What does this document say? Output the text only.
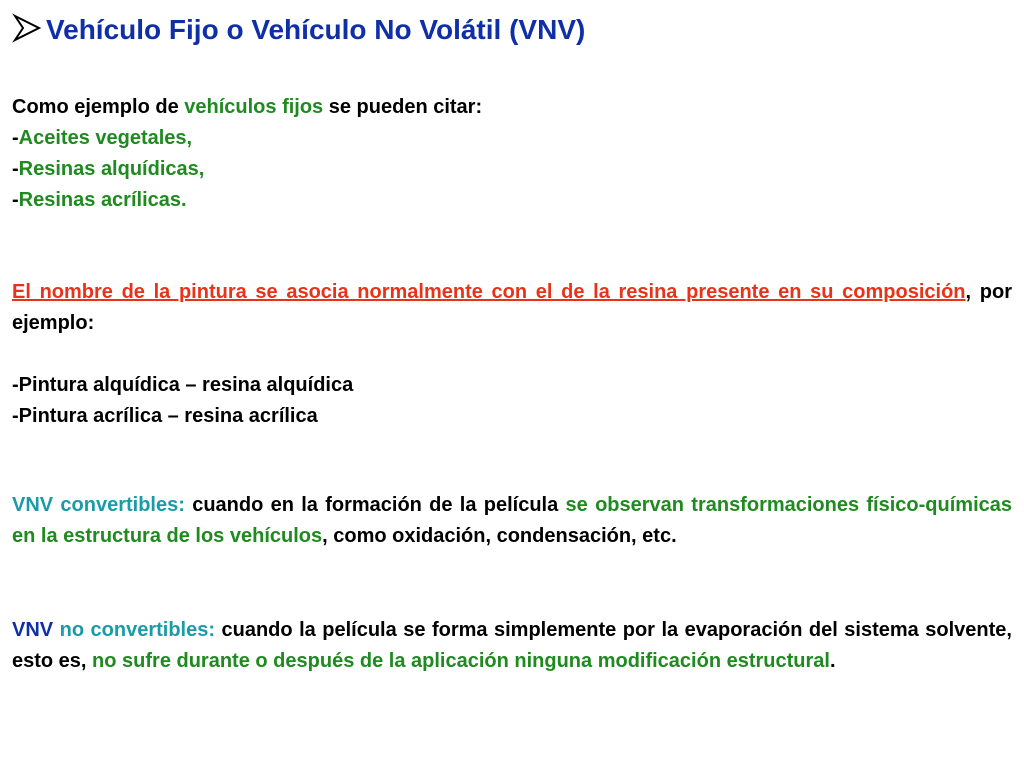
Vehículo Fijo o Vehículo No Volátil (VNV)
Como ejemplo de vehículos fijos se pueden citar:
-Aceites vegetales,
-Resinas alquídicas,
-Resinas acrílicas.
El nombre de la pintura se asocia normalmente con el de la resina presente en su composición, por ejemplo:
-Pintura alquídica – resina alquídica
-Pintura acrílica – resina acrílica
VNV convertibles: cuando en la formación de la película se observan transformaciones físico-químicas en la estructura de los vehículos, como oxidación, condensación, etc.
VNV no convertibles: cuando la película se forma simplemente por la evaporación del sistema solvente, esto es, no sufre durante o después de la aplicación ninguna modificación estructural.
